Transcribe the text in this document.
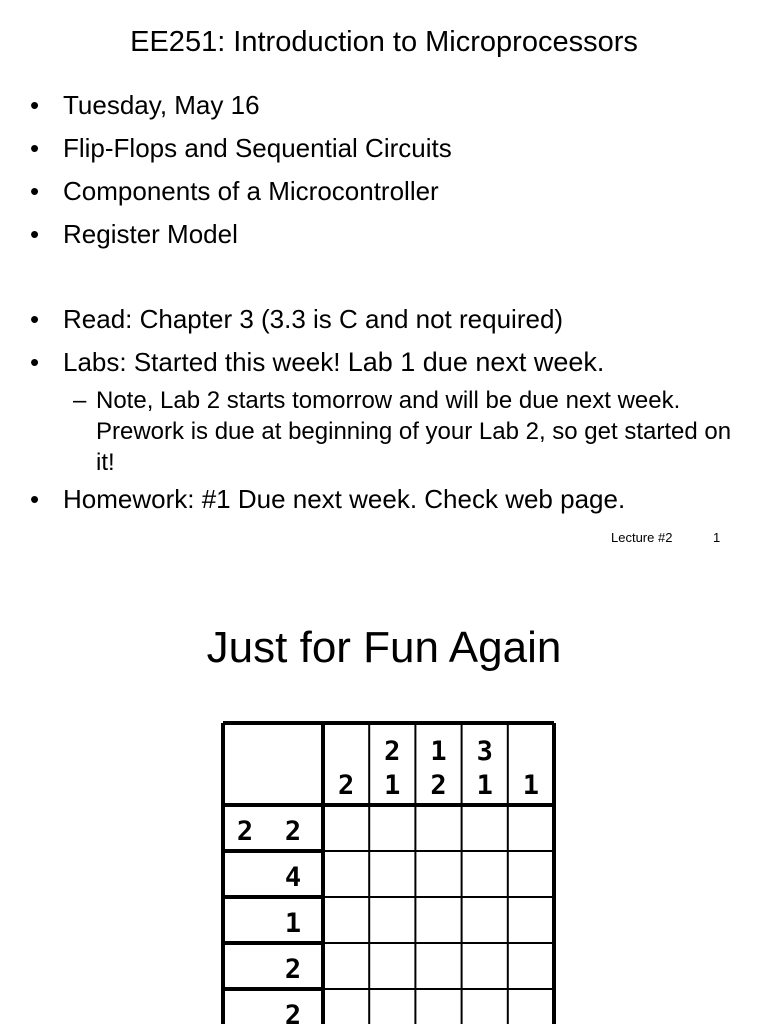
EE251: Introduction to Microprocessors
• Tuesday, May 16
• Flip-Flops and Sequential Circuits
• Components of a Microcontroller
• Register Model
• Read: Chapter 3 (3.3 is C and not required)
• Labs: Started this week! Lab 1 due next week.
– Note, Lab 2 starts tomorrow and will be due next week. Prework is due at beginning of your Lab 2, so get started on it!
• Homework: #1 Due next week. Check web page.
Lecture #2	1
Just for Fun Again
2
2
1
1
2
3
1 1
2 2
4
1
2
2
